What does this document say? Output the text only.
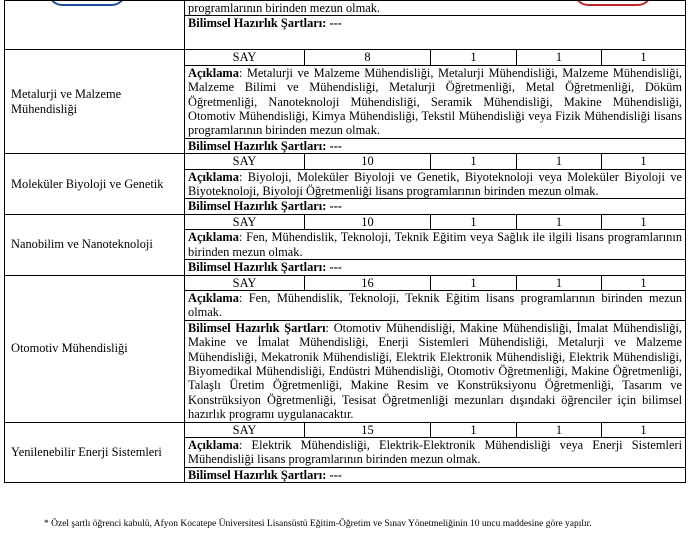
	programlarının birinden mezun olmak.				
	Bilimsel Hazırlık Şartları: ---				
Metalurji ve Malzeme Mühendisliği	SAY	8	1	1	1
	Açıklama: Metalurji ve Malzeme Mühendisliği, Metalurji Mühendisliği, Malzeme Mühendisliği, Malzeme Bilimi ve Mühendisliği, Metalurji Öğretmenliği, Metal Öğretmenliği, Döküm Öğretmenliği, Nanoteknoloji Mühendisliği, Seramik Mühendisliği, Makine Mühendisliği, Otomotiv Mühendisliği, Kimya Mühendisliği, Tekstil Mühendisliği veya Fizik Mühendisliği lisans programlarının birinden mezun olmak.				
	Bilimsel Hazırlık Şartları: ---				
Moleküler Biyoloji ve Genetik	SAY	10	1	1	1
	Açıklama: Biyoloji, Moleküler Biyoloji ve Genetik, Biyoteknoloji veya Moleküler Biyoloji ve Biyoteknoloji, Biyoloji Öğretmenliği lisans programlarının birinden mezun olmak.				
	Bilimsel Hazırlık Şartları: ---				
Nanobilim ve Nanoteknoloji	SAY	10	1	1	1
	Açıklama: Fen, Mühendislik, Teknoloji, Teknik Eğitim veya Sağlık ile ilgili lisans programlarının birinden mezun olmak.				
	Bilimsel Hazırlık Şartları: ---				
Otomotiv Mühendisliği	SAY	16	1	1	1
	Açıklama: Fen, Mühendislik, Teknoloji, Teknik Eğitim lisans programlarının birinden mezun olmak.				
	Bilimsel Hazırlık Şartları: Otomotiv Mühendisliği, Makine Mühendisliği, İmalat Mühendisliği, Makine ve İmalat Mühendisliği, Enerji Sistemleri Mühendisliği, Metalurji ve Malzeme Mühendisliği, Mekatronik Mühendisliği, Elektrik Elektronik Mühendisliği, Elektrik Mühendisliği, Biyomedikal Mühendisliği, Endüstri Mühendisliği, Otomotiv Öğretmenliği, Makine Öğretmenliği, Talaşlı Üretim Öğretmenliği, Makine Resim ve Konstrüksiyonu Öğretmenliği, Tasarım ve Konstrüksiyon Öğretmenliği, Tesisat Öğretmenliği mezunları dışındaki öğrenciler için bilimsel hazırlık programı uygulanacaktır.				
Yenilenebilir Enerji Sistemleri	SAY	15	1	1	1
	Açıklama: Elektrik Mühendisliği, Elektrik-Elektronik Mühendisliği veya Enerji Sistemleri Mühendisliği lisans programlarının birinden mezun olmak.				
	Bilimsel Hazırlık Şartları: ---				
* Özel şartlı öğrenci kabulü, Afyon Kocatepe Üniversitesi Lisansüstü Eğitim-Öğretim ve Sınav Yönetmeliğinin 10 uncu maddesine göre yapılır.
